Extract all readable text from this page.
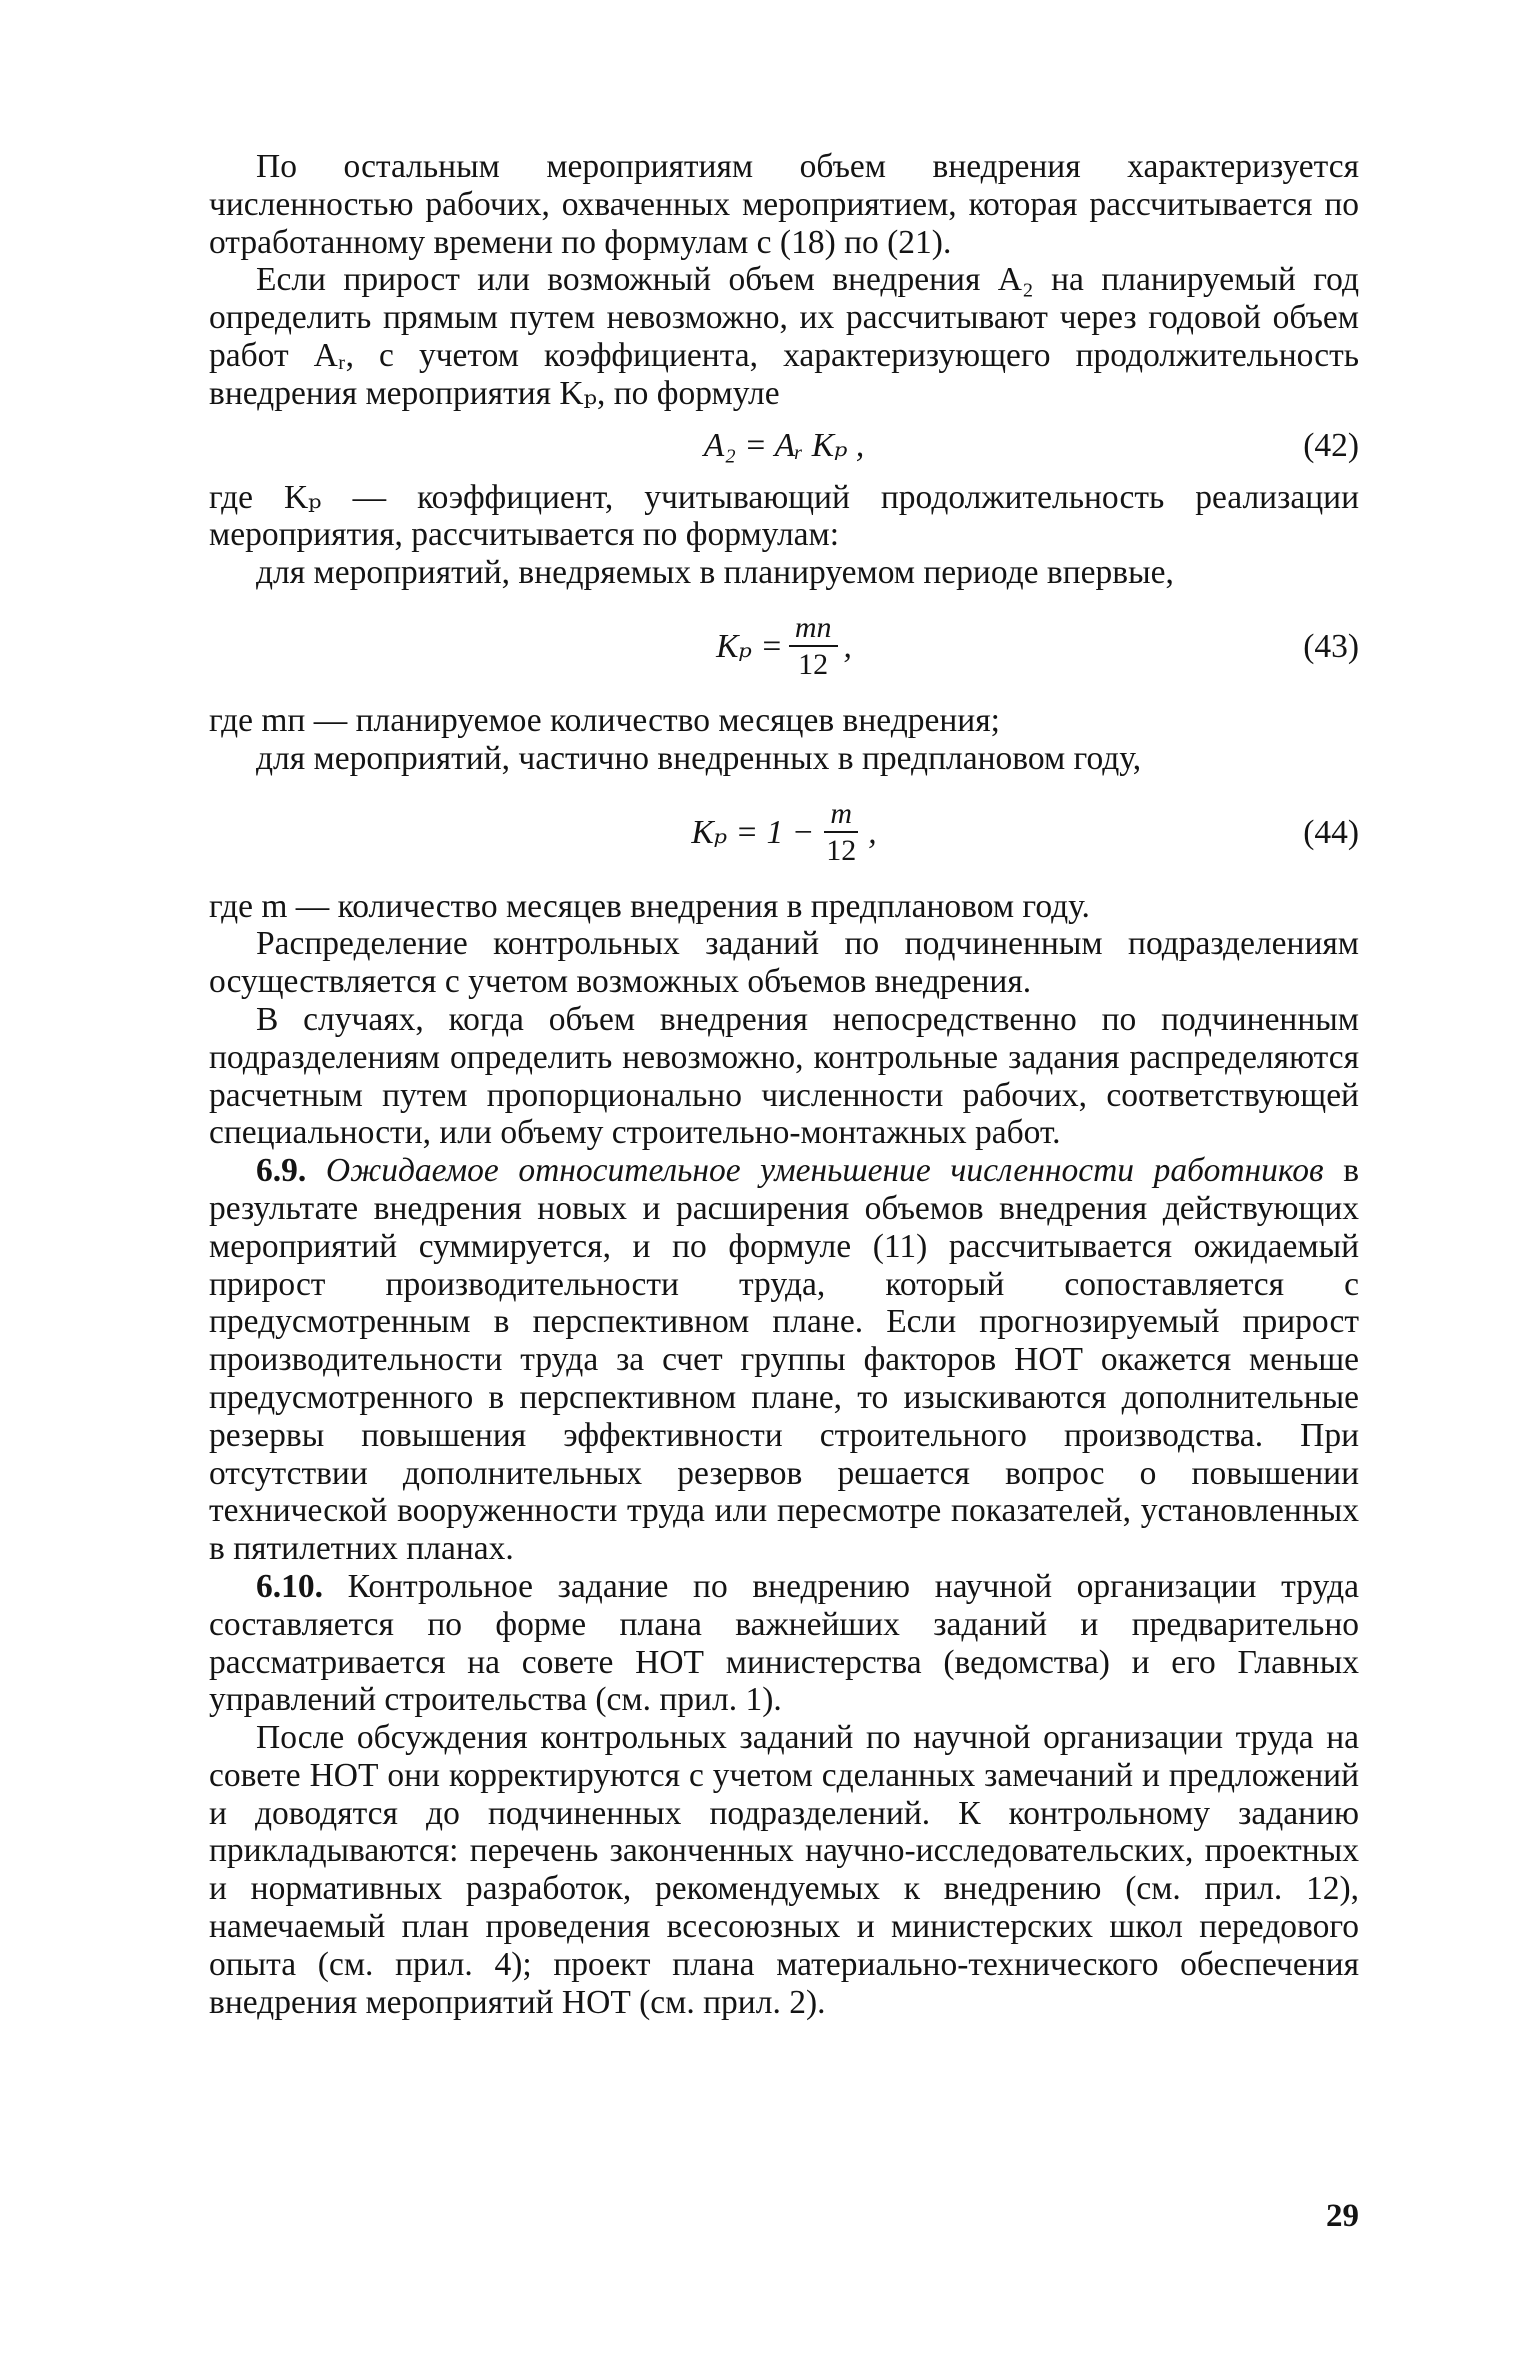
По остальным мероприятиям объем внедрения характеризуется численностью рабочих, охваченных мероприятием, которая рассчитывается по отработанному времени по формулам с (18) по (21).

Если прирост или возможный объем внедрения A₂ на планируемый год определить прямым путем невозможно, их рассчитывают через годовой объем работ Aᵣ, с учетом коэффициента, характеризующего продолжительность внедрения мероприятия Kₚ, по формуле

A₂ = Aᵣ Kₚ ,	(42)

где Kₚ — коэффициент, учитывающий продолжительность реализации мероприятия, рассчитывается по формулам:

для мероприятий, внедряемых в планируемом периоде впервые,

$K_p = \frac{mп}{12}$ ,	(43)

где mп — планируемое количество месяцев внедрения;

для мероприятий, частично внедренных в предплановом году,

$K_p = 1 - \frac{m}{12}$ ,	(44)

где m — количество месяцев внедрения в предплановом году.

Распределение контрольных заданий по подчиненным подразделениям осуществляется с учетом возможных объемов внедрения.

В случаях, когда объем внедрения непосредственно по подчиненным подразделениям определить невозможно, контрольные задания распределяются расчетным путем пропорционально численности рабочих, соответствующей специальности, или объему строительно-монтажных работ.

6.9. Ожидаемое относительное уменьшение численности работников в результате внедрения новых и расширения объемов внедрения действующих мероприятий суммируется, и по формуле (11) рассчитывается ожидаемый прирост производительности труда, который сопоставляется с предусмотренным в перспективном плане. Если прогнозируемый прирост производительности труда за счет группы факторов НОТ окажется меньше предусмотренного в перспективном плане, то изыскиваются дополнительные резервы повышения эффективности строительного производства. При отсутствии дополнительных резервов решается вопрос о повышении технической вооруженности труда или пересмотре показателей, установленных в пятилетних планах.

6.10. Контрольное задание по внедрению научной организации труда составляется по форме плана важнейших заданий и предварительно рассматривается на совете НОТ министерства (ведомства) и его Главных управлений строительства (см. прил. 1).

После обсуждения контрольных заданий по научной организации труда на совете НОТ они корректируются с учетом сделанных замечаний и предложений и доводятся до подчиненных подразделений. К контрольному заданию прикладываются: перечень законченных научно-исследовательских, проектных и нормативных разработок, рекомендуемых к внедрению (см. прил. 12), намечаемый план проведения всесоюзных и министерских школ передового опыта (см. прил. 4); проект плана материально-технического обеспечения внедрения мероприятий НОТ (см. прил. 2).

29
